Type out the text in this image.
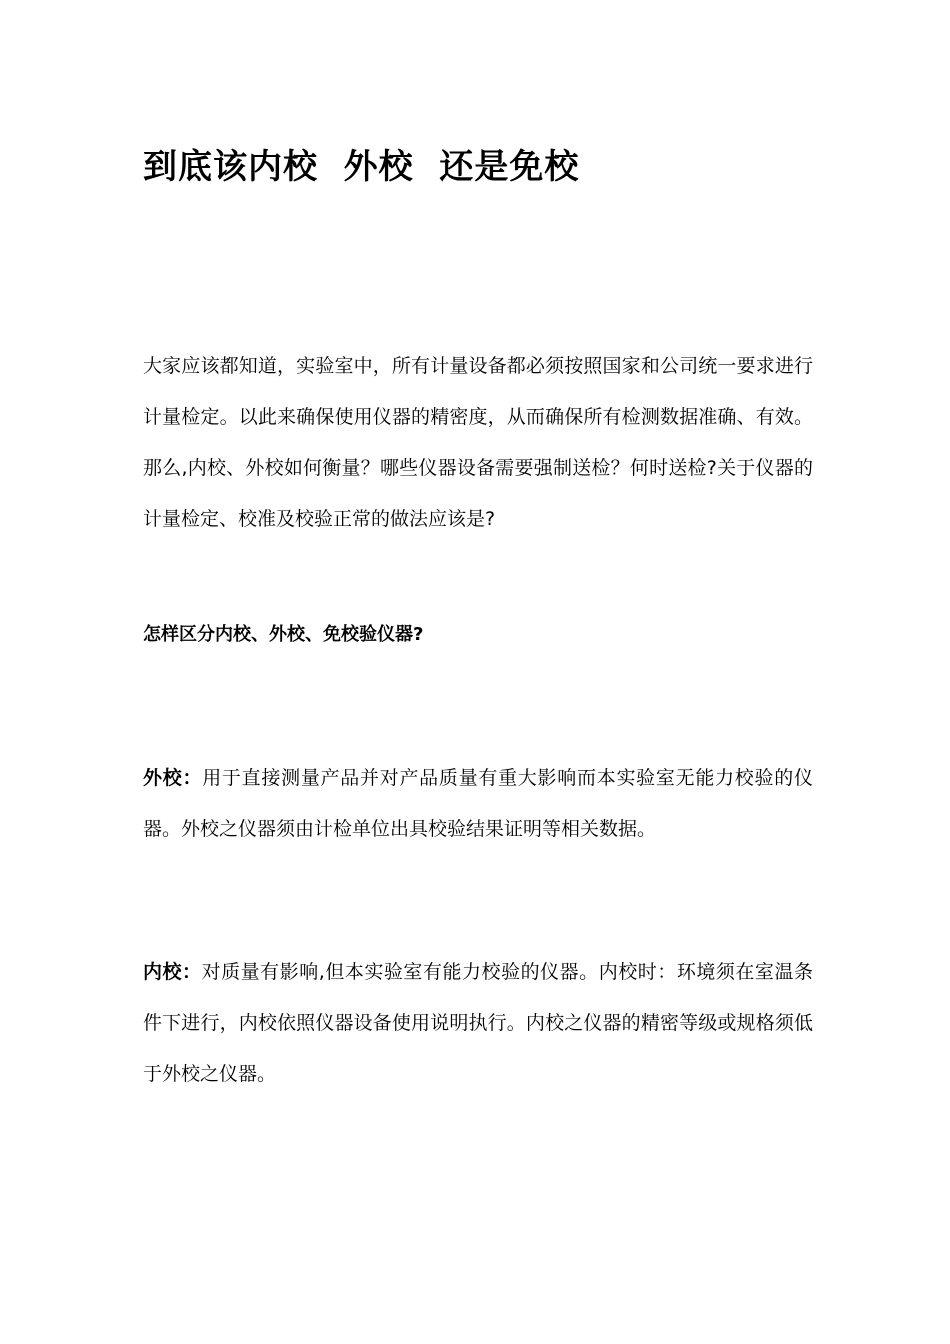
到底该内校  外校  还是免校

大家应该都知道，实验室中，所有计量设备都必须按照国家和公司统一要求进行计量检定。以此来确保使用仪器的精密度，从而确保所有检测数据准确、有效。那么,内校、外校如何衡量？哪些仪器设备需要强制送检？何时送检?关于仪器的计量检定、校准及校验正常的做法应该是?

怎样区分内校、外校、免校验仪器?

外校：用于直接测量产品并对产品质量有重大影响而本实验室无能力校验的仪器。外校之仪器须由计检单位出具校验结果证明等相关数据。

内校：对质量有影响,但本实验室有能力校验的仪器。内校时：环境须在室温条件下进行，内校依照仪器设备使用说明执行。内校之仪器的精密等级或规格须低于外校之仪器。
